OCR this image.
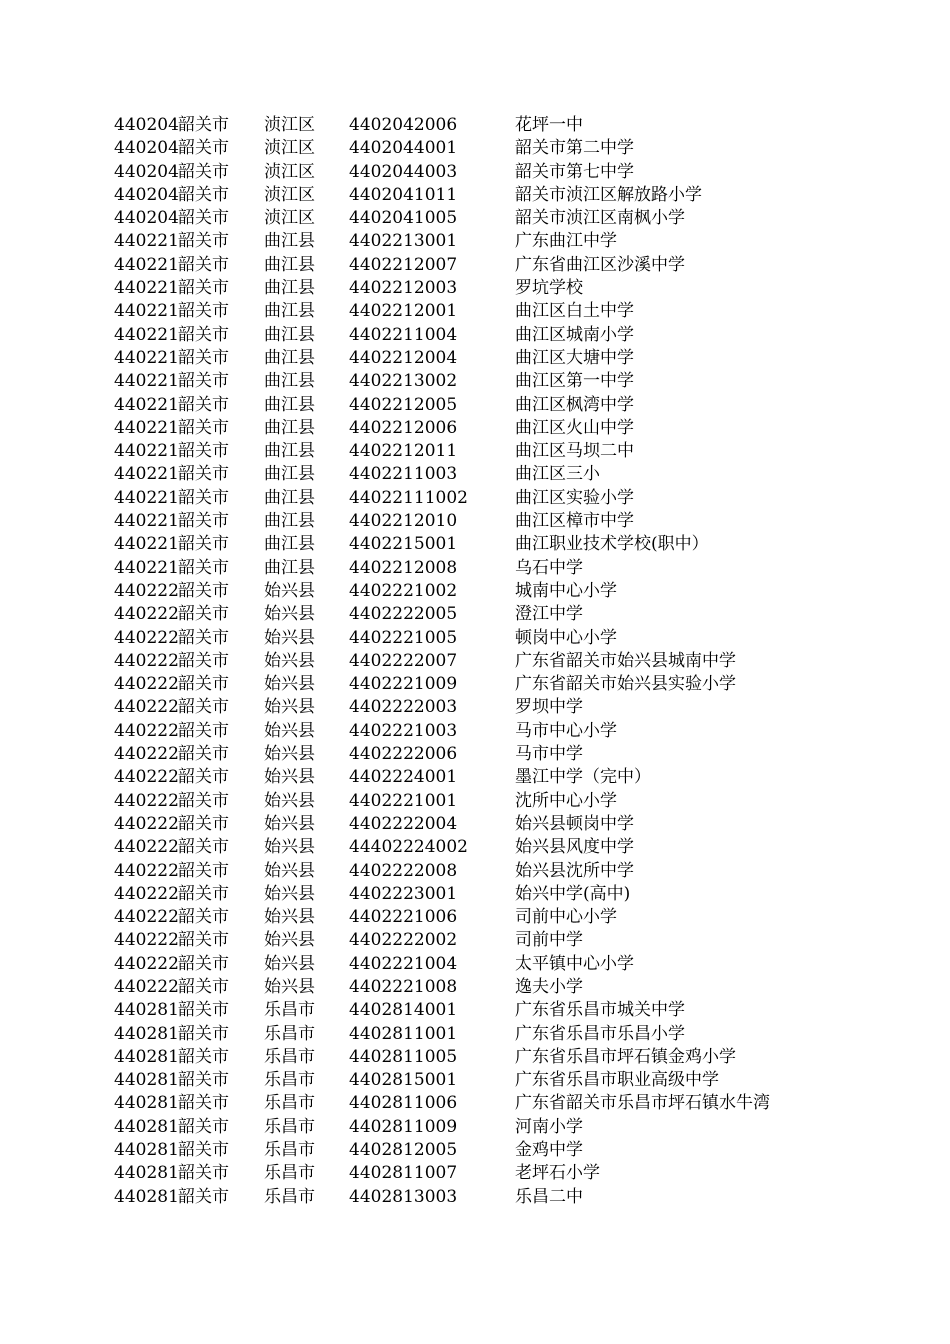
440204 韶关市 浈江区 4402042006	花坪一中
440204 韶关市 浈江区 4402044001	韶关市第二中学
440204 韶关市 浈江区 4402044003	韶关市第七中学
440204 韶关市 浈江区 4402041011	韶关市浈江区解放路小学
440204 韶关市 浈江区 4402041005	韶关市浈江区南枫小学
440221 韶关市 曲江县 4402213001	广东曲江中学
440221 韶关市 曲江县 4402212007	广东省曲江区沙溪中学
440221 韶关市 曲江县 4402212003	罗坑学校
440221 韶关市 曲江县 4402212001	曲江区白土中学
440221 韶关市 曲江县 4402211004	曲江区城南小学
440221 韶关市 曲江县 4402212004	曲江区大塘中学
440221 韶关市 曲江县 4402213002	曲江区第一中学
440221 韶关市 曲江县 4402212005	曲江区枫湾中学
440221 韶关市 曲江县 4402212006	曲江区火山中学
440221 韶关市 曲江县 4402212011	曲江区马坝二中
440221 韶关市 曲江县 4402211003	曲江区三小
440221 韶关市 曲江县 44022111002	曲江区实验小学
440221 韶关市 曲江县 4402212010	曲江区樟市中学
440221 韶关市 曲江县 4402215001	曲江职业技术学校(职中）
440221 韶关市 曲江县 4402212008	乌石中学
440222 韶关市 始兴县 4402221002	城南中心小学
440222 韶关市 始兴县 4402222005	澄江中学
440222 韶关市 始兴县 4402221005	顿岗中心小学
440222 韶关市 始兴县 4402222007	广东省韶关市始兴县城南中学
440222 韶关市 始兴县 4402221009	广东省韶关市始兴县实验小学
440222 韶关市 始兴县 4402222003	罗坝中学
440222 韶关市 始兴县 4402221003	马市中心小学
440222 韶关市 始兴县 4402222006	马市中学
440222 韶关市 始兴县 4402224001	墨江中学（完中）
440222 韶关市 始兴县 4402221001	沈所中心小学
440222 韶关市 始兴县 4402222004	始兴县顿岗中学
440222 韶关市 始兴县 44402224002	始兴县风度中学
440222 韶关市 始兴县 4402222008	始兴县沈所中学
440222 韶关市 始兴县 4402223001	始兴中学(高中)
440222 韶关市 始兴县 4402221006	司前中心小学
440222 韶关市 始兴县 4402222002	司前中学
440222 韶关市 始兴县 4402221004	太平镇中心小学
440222 韶关市 始兴县 4402221008	逸夫小学
440281 韶关市 乐昌市 4402814001	广东省乐昌市城关中学
440281 韶关市 乐昌市 4402811001	广东省乐昌市乐昌小学
440281 韶关市 乐昌市 4402811005	广东省乐昌市坪石镇金鸡小学
440281 韶关市 乐昌市 4402815001	广东省乐昌市职业高级中学
440281 韶关市 乐昌市 4402811006	广东省韶关市乐昌市坪石镇水牛湾
440281 韶关市 乐昌市 4402811009	河南小学
440281 韶关市 乐昌市 4402812005	金鸡中学
440281 韶关市 乐昌市 4402811007	老坪石小学
440281 韶关市 乐昌市 4402813003	乐昌二中
